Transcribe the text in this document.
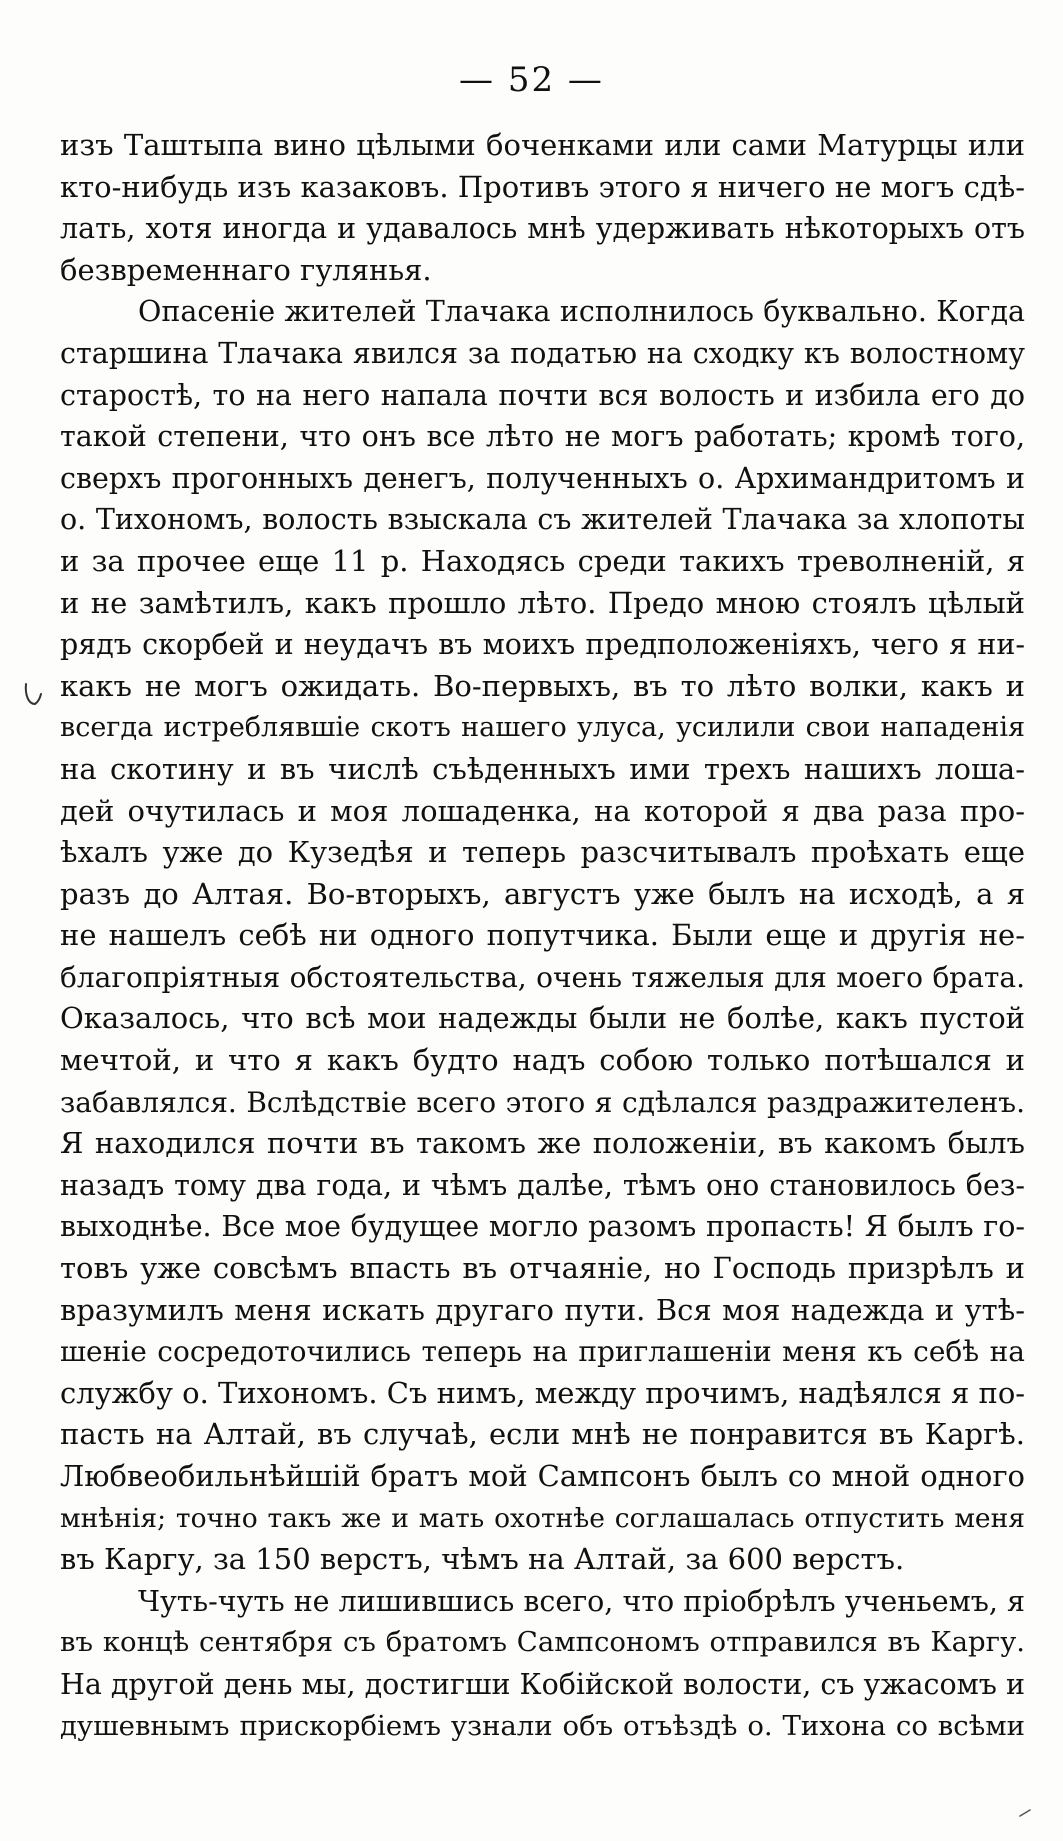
— 52 —
изъ Таштыпа вино цѣлыми боченками или сами Матурцы или
кто-нибудь изъ казаковъ. Противъ этого я ничего не могъ сдѣ-
лать, хотя иногда и удавалось мнѣ удерживать нѣкоторыхъ отъ
безвременнаго гулянья.
Опасеніе жителей Тлачака исполнилось буквально. Когда
старшина Тлачака явился за податью на сходку къ волостному
старостѣ, то на него напала почти вся волость и избила его до
такой степени, что онъ все лѣто не могъ работать; кромѣ того,
сверхъ прогонныхъ денегъ, полученныхъ о. Архимандритомъ и
о. Тихономъ, волость взыскала съ жителей Тлачака за хлопоты
и за прочее еще 11 р. Находясь среди такихъ треволненій, я
и не замѣтилъ, какъ прошло лѣто. Предо мною стоялъ цѣлый
рядъ скорбей и неудачъ въ моихъ предположеніяхъ, чего я ни-
какъ не могъ ожидать. Во-первыхъ, въ то лѣто волки, какъ и
всегда истреблявшіе скотъ нашего улуса, усилили свои нападенія
на скотину и въ числѣ съѣденныхъ ими трехъ нашихъ лоша-
дей очутилась и моя лошаденка, на которой я два раза про-
ѣхалъ уже до Кузедѣя и теперь разсчитывалъ проѣхать еще
разъ до Алтая. Во-вторыхъ, августъ уже былъ на исходѣ, а я
не нашелъ себѣ ни одного попутчика. Были еще и другія не-
благопріятныя обстоятельства, очень тяжелыя для моего брата.
Оказалось, что всѣ мои надежды были не болѣе, какъ пустой
мечтой, и что я какъ будто надъ собою только потѣшался и
забавлялся. Вслѣдствіе всего этого я сдѣлался раздражителенъ.
Я находился почти въ такомъ же положеніи, въ какомъ былъ
назадъ тому два года, и чѣмъ далѣе, тѣмъ оно становилось без-
выходнѣе. Все мое будущее могло разомъ пропасть! Я былъ го-
товъ уже совсѣмъ впасть въ отчаяніе, но Господь призрѣлъ и
вразумилъ меня искать другаго пути. Вся моя надежда и утѣ-
шеніе сосредоточились теперь на приглашеніи меня къ себѣ на
службу о. Тихономъ. Съ нимъ, между прочимъ, надѣялся я по-
пасть на Алтай, въ случаѣ, если мнѣ не понравится въ Каргѣ.
Любвеобильнѣйшій братъ мой Сампсонъ былъ со мной одного
мнѣнія; точно такъ же и мать охотнѣе соглашалась отпустить меня
въ Каргу, за 150 верстъ, чѣмъ на Алтай, за 600 верстъ.
Чуть-чуть не лишившись всего, что пріобрѣлъ ученьемъ, я
въ концѣ сентября съ братомъ Сампсономъ отправился въ Каргу.
На другой день мы, достигши Кобійской волости, съ ужасомъ и
душевнымъ прискорбіемъ узнали объ отъѣздѣ о. Тихона со всѣми
